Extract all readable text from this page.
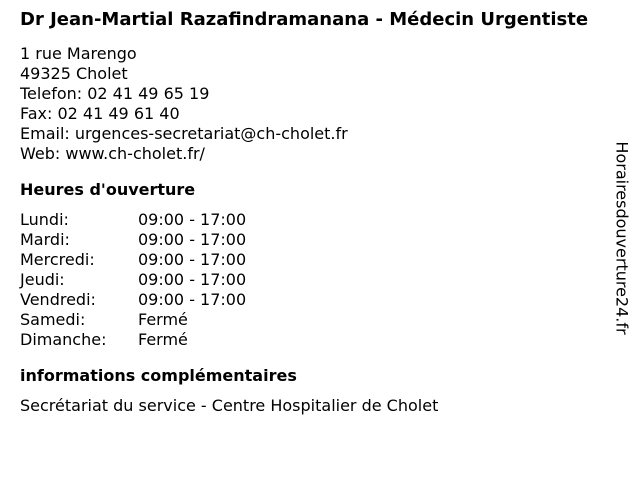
Dr Jean-Martial Razafindramanana - Médecin Urgentiste
1 rue Marengo
49325 Cholet
Telefon: 02 41 49 65 19
Fax: 02 41 49 61 40
Email: urgences-secretariat@ch-cholet.fr
Web: www.ch-cholet.fr/
Heures d'ouverture
Lundi:	09:00 - 17:00
Mardi:	09:00 - 17:00
Mercredi:	09:00 - 17:00
Jeudi:	09:00 - 17:00
Vendredi:	09:00 - 17:00
Samedi:	Fermé
Dimanche:	Fermé
informations complémentaires
Secrétariat du service - Centre Hospitalier de Cholet
Horairesdouverture24.fr
